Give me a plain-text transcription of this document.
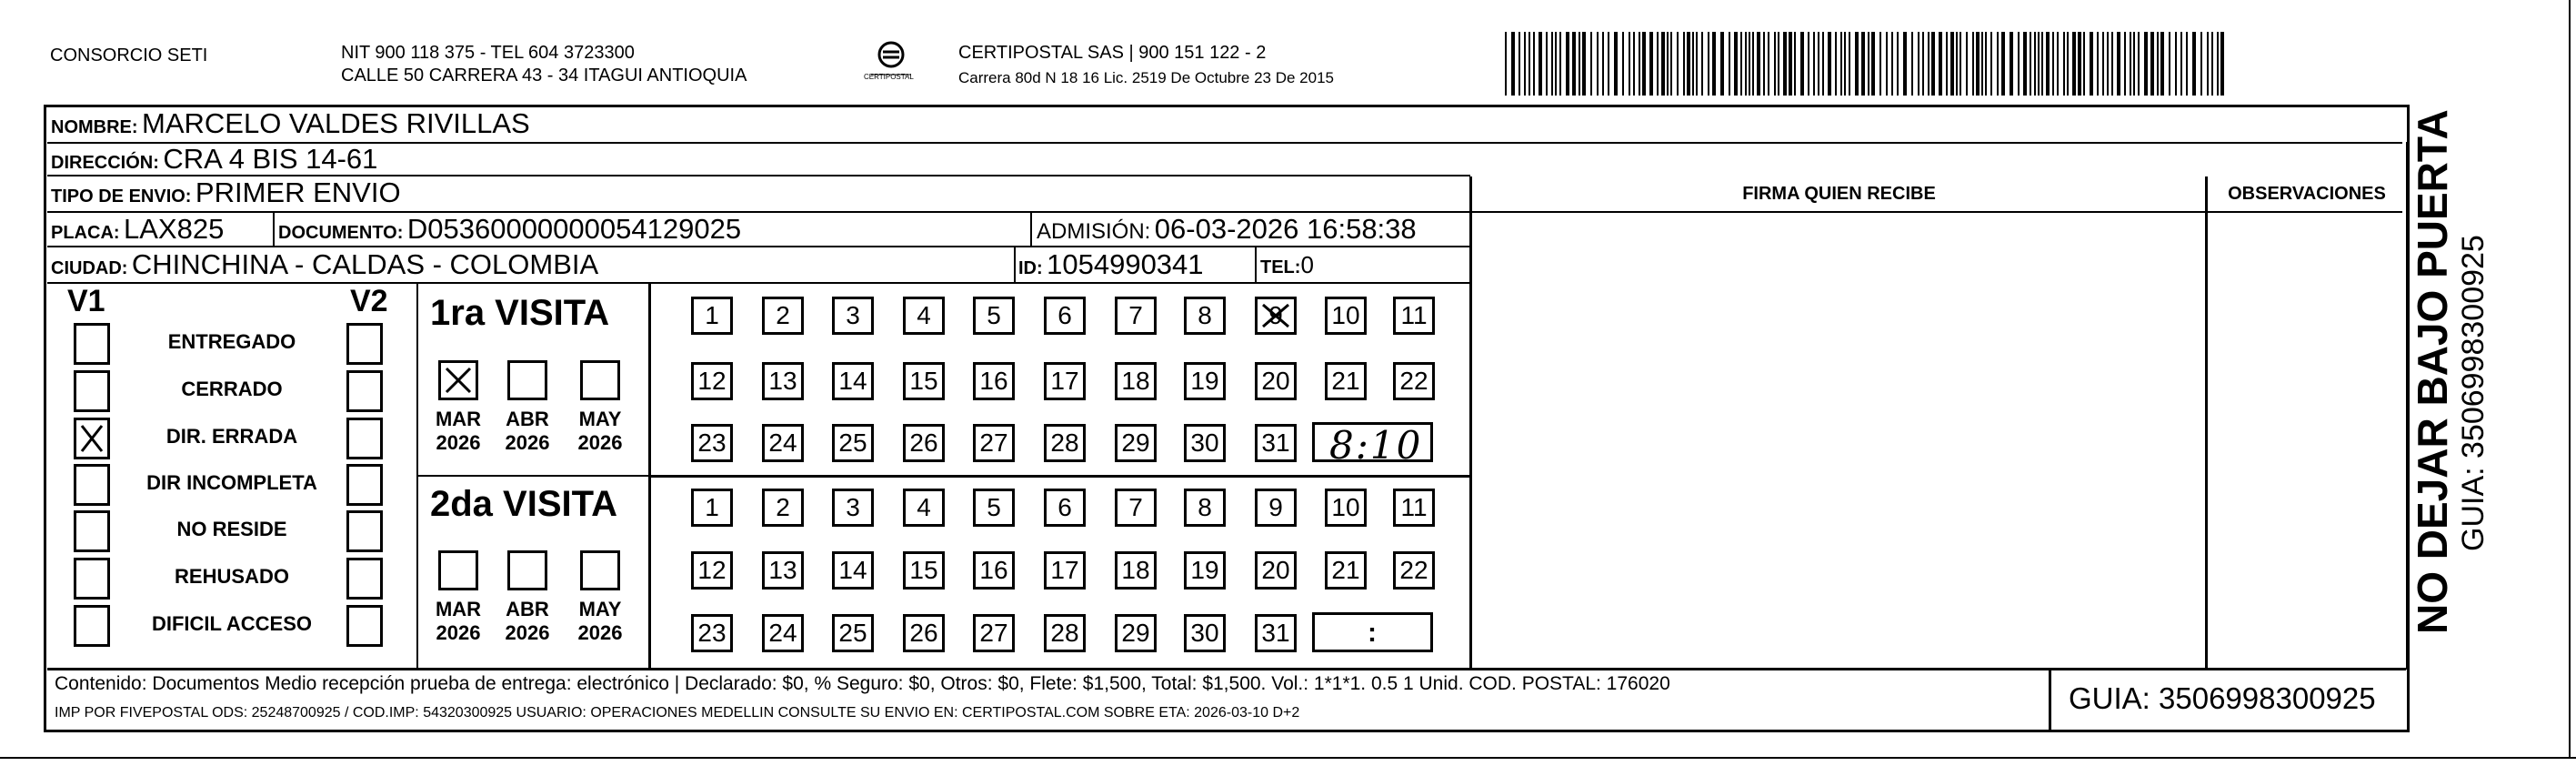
CONSORCIO SETI	NIT 900 118 375 - TEL 604 3723300
CALLE 50 CARRERA 43 - 34 ITAGUI ANTIOQUIA	CERTIPOSTAL
CERTIPOSTAL SAS | 900 151 122 - 2
Carrera 80d N 18 16 Lic. 2519 De Octubre 23 De 2015
NOMBRE: MARCELO VALDES RIVILLAS
DIRECCIÓN: CRA 4 BIS 14-61
TIPO DE ENVIO: PRIMER ENVIO	FIRMA QUIEN RECIBE	OBSERVACIONES
PLACA: LAX825	DOCUMENTO: D05360000000054129025	ADMISIÓN: 06-03-2026 16:58:38
CIUDAD: CHINCHINA - CALDAS - COLOMBIA	ID: 1054990341	TEL:0
V1	V2
ENTREGADO
CERRADO
DIR. ERRADA
DIR INCOMPLETA
NO RESIDE
REHUSADO
DIFICIL ACCESO
1ra VISITA
2da VISITA
MAR
2026
ABR
2026
MAY
2026
MAR
2026
ABR
2026
MAY
2026
1	2	3	4	5	6	7	8	9	10	11
12 13 14 15 16 17 18 19 20 21 22
23 24 25 26 27 28 29 30 31
1	2	3	4	5	6	7	8	9	10	11
12 13 14 15 16 17 18 19 20 21 22
23 24 25 26 27 28 29 30 31
8:10
:
Contenido: Documentos Medio recepción prueba de entrega: electrónico | Declarado: $0, % Seguro: $0, Otros: $0, Flete: $1,500, Total: $1,500. Vol.: 1*1*1. 0.5 1 Unid. COD. POSTAL: 176020
IMP POR FIVEPOSTAL ODS: 25248700925 / COD.IMP: 54320300925 USUARIO: OPERACIONES MEDELLIN CONSULTE SU ENVIO EN: CERTIPOSTAL.COM SOBRE ETA: 2026-03-10 D+2	GUIA: 3506998300925
NO DEJAR BAJO PUERTA GUIA: 3506998300925
